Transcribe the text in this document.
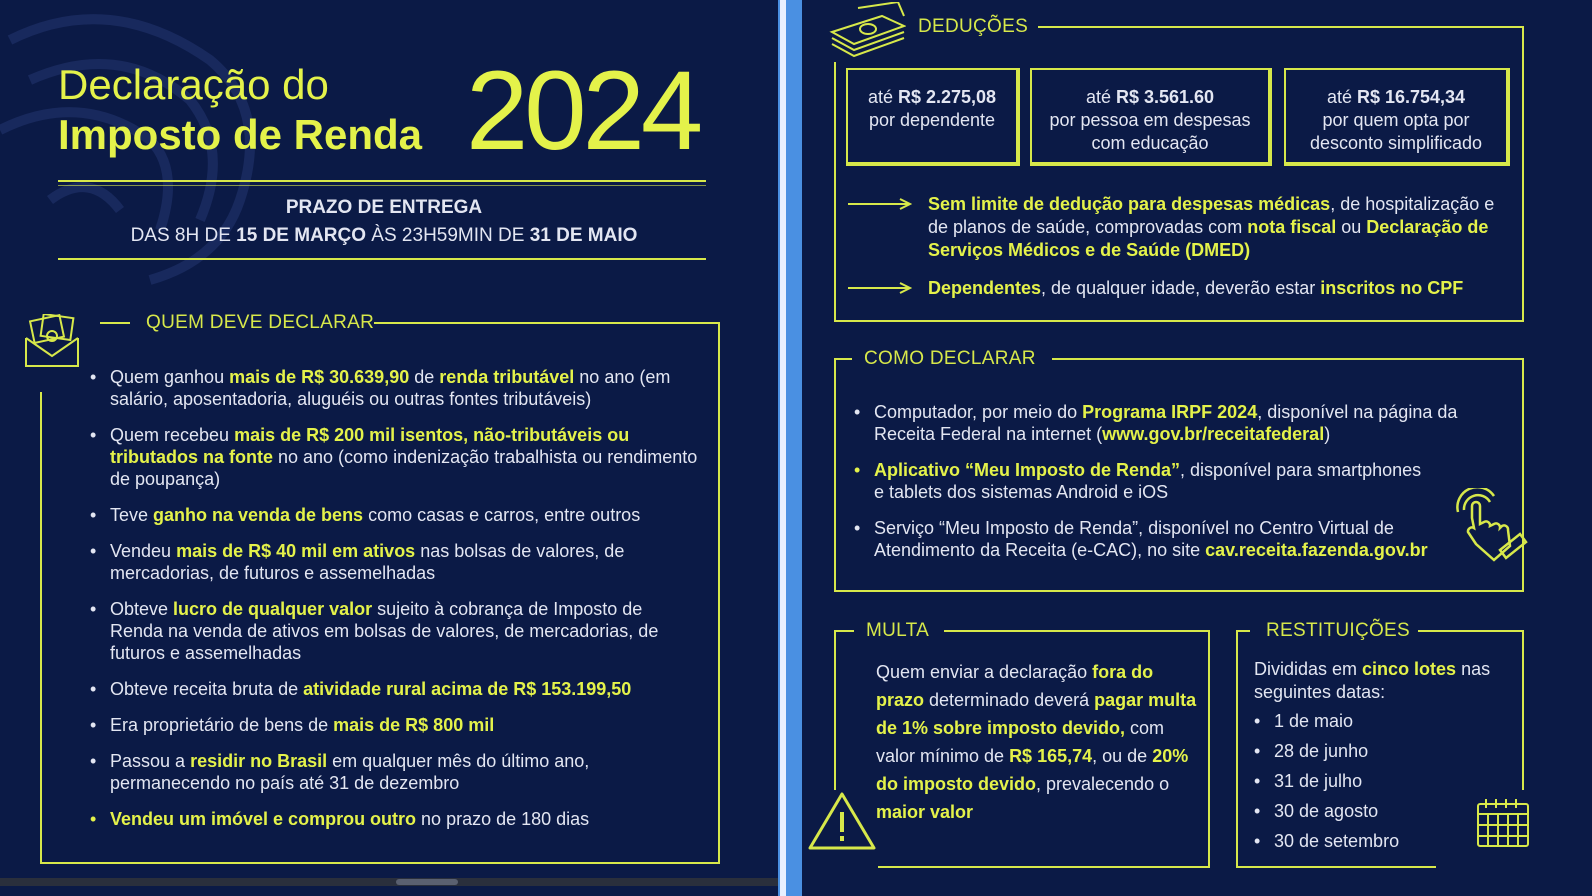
Declaração do
Imposto de Renda 2024
PRAZO DE ENTREGA
DAS 8H DE 15 DE MARÇO ÀS 23H59MIN DE 31 DE MAIO
QUEM DEVE DECLARAR
• Quem ganhou mais de R$ 30.639,90 de renda tributável no ano (em salário, aposentadoria, aluguéis ou outras fontes tributáveis)
• Quem recebeu mais de R$ 200 mil isentos, não-tributáveis ou tributados na fonte no ano (como indenização trabalhista ou rendimento de poupança)
• Teve ganho na venda de bens como casas e carros, entre outros
• Vendeu mais de R$ 40 mil em ativos nas bolsas de valores, de mercadorias, de futuros e assemelhadas
• Obteve lucro de qualquer valor sujeito à cobrança de Imposto de Renda na venda de ativos em bolsas de valores, de mercadorias, de futuros e assemelhadas
• Obteve receita bruta de atividade rural acima de R$ 153.199,50
• Era proprietário de bens de mais de R$ 800 mil
• Passou a residir no Brasil em qualquer mês do último ano, permanecendo no país até 31 de dezembro
• Vendeu um imóvel e comprou outro no prazo de 180 dias
DEDUÇÕES
até R$ 2.275,08
por dependente
até R$ 3.561.60
por pessoa em despesas com educação
até R$ 16.754,34
por quem opta por desconto simplificado
Sem limite de dedução para despesas médicas, de hospitalização e de planos de saúde, comprovadas com nota fiscal ou Declaração de Serviços Médicos e de Saúde (DMED)
Dependentes, de qualquer idade, deverão estar inscritos no CPF
COMO DECLARAR
• Computador, por meio do Programa IRPF 2024, disponível na página da Receita Federal na internet (www.gov.br/receitafederal)
• Aplicativo “Meu Imposto de Renda”, disponível para smartphones e tablets dos sistemas Android e iOS
• Serviço “Meu Imposto de Renda”, disponível no Centro Virtual de Atendimento da Receita (e-CAC), no site cav.receita.fazenda.gov.br
MULTA
Quem enviar a declaração fora do prazo determinado deverá pagar multa de 1% sobre imposto devido, com valor mínimo de R$ 165,74, ou de 20% do imposto devido, prevalecendo o maior valor
RESTITUIÇÕES
Divididas em cinco lotes nas seguintes datas:
• 1 de maio
• 28 de junho
• 31 de julho
• 30 de agosto
• 30 de setembro
